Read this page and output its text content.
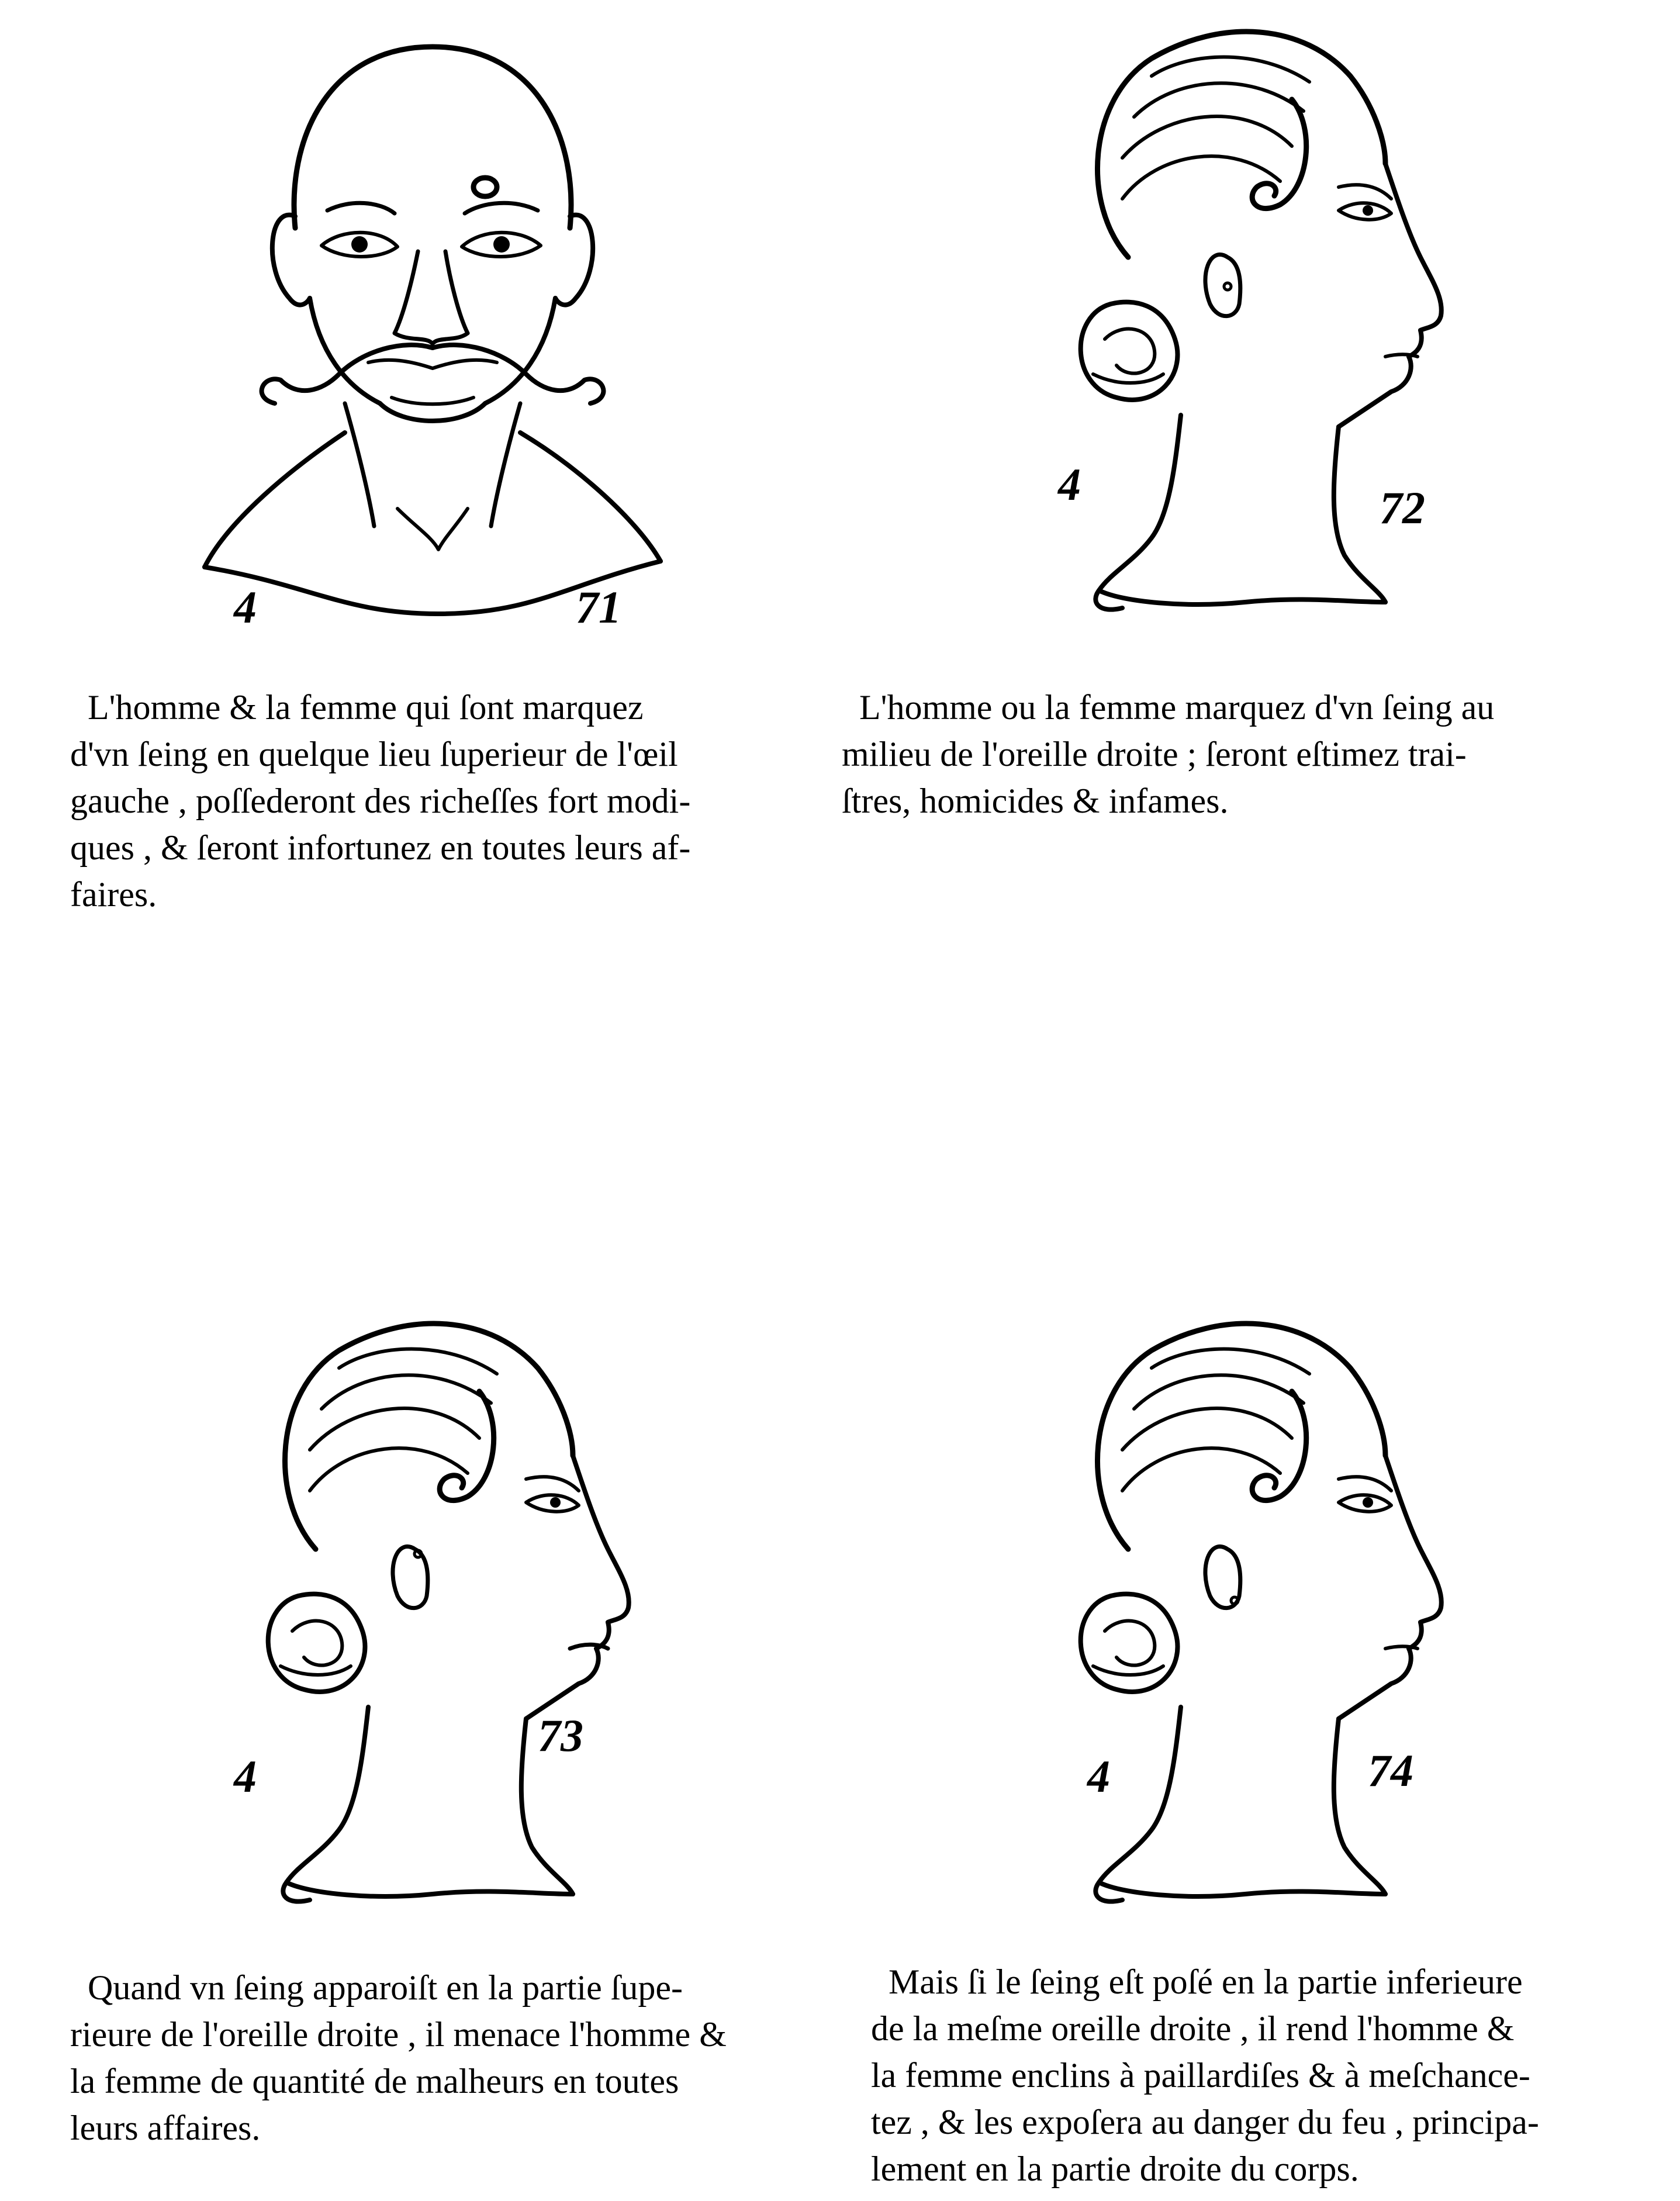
4	71
4	72
L'homme & la femme qui ſont marquez
d'vn ſeing en quelque lieu ſuperieur de l'œil
gauche , poſſederont des richeſſes fort modi-
ques , & ſeront infortunez en toutes leurs af-
faires.
L'homme ou la femme marquez d'vn ſeing au
milieu de l'oreille droite ; ſeront eſtimez trai-
ſtres, homicides & infames.
4
73
4	74
Quand vn ſeing apparoiſt en la partie ſupe-
rieure de l'oreille droite , il menace l'homme &
la femme de quantité de malheurs en toutes
leurs affaires.
Mais ſi le ſeing eſt poſé en la partie inferieure
de la meſme oreille droite , il rend l'homme &
la femme enclins à paillardiſes & à meſchance-
tez , & les expoſera au danger du feu , principa-
lement en la partie droite du corps.
